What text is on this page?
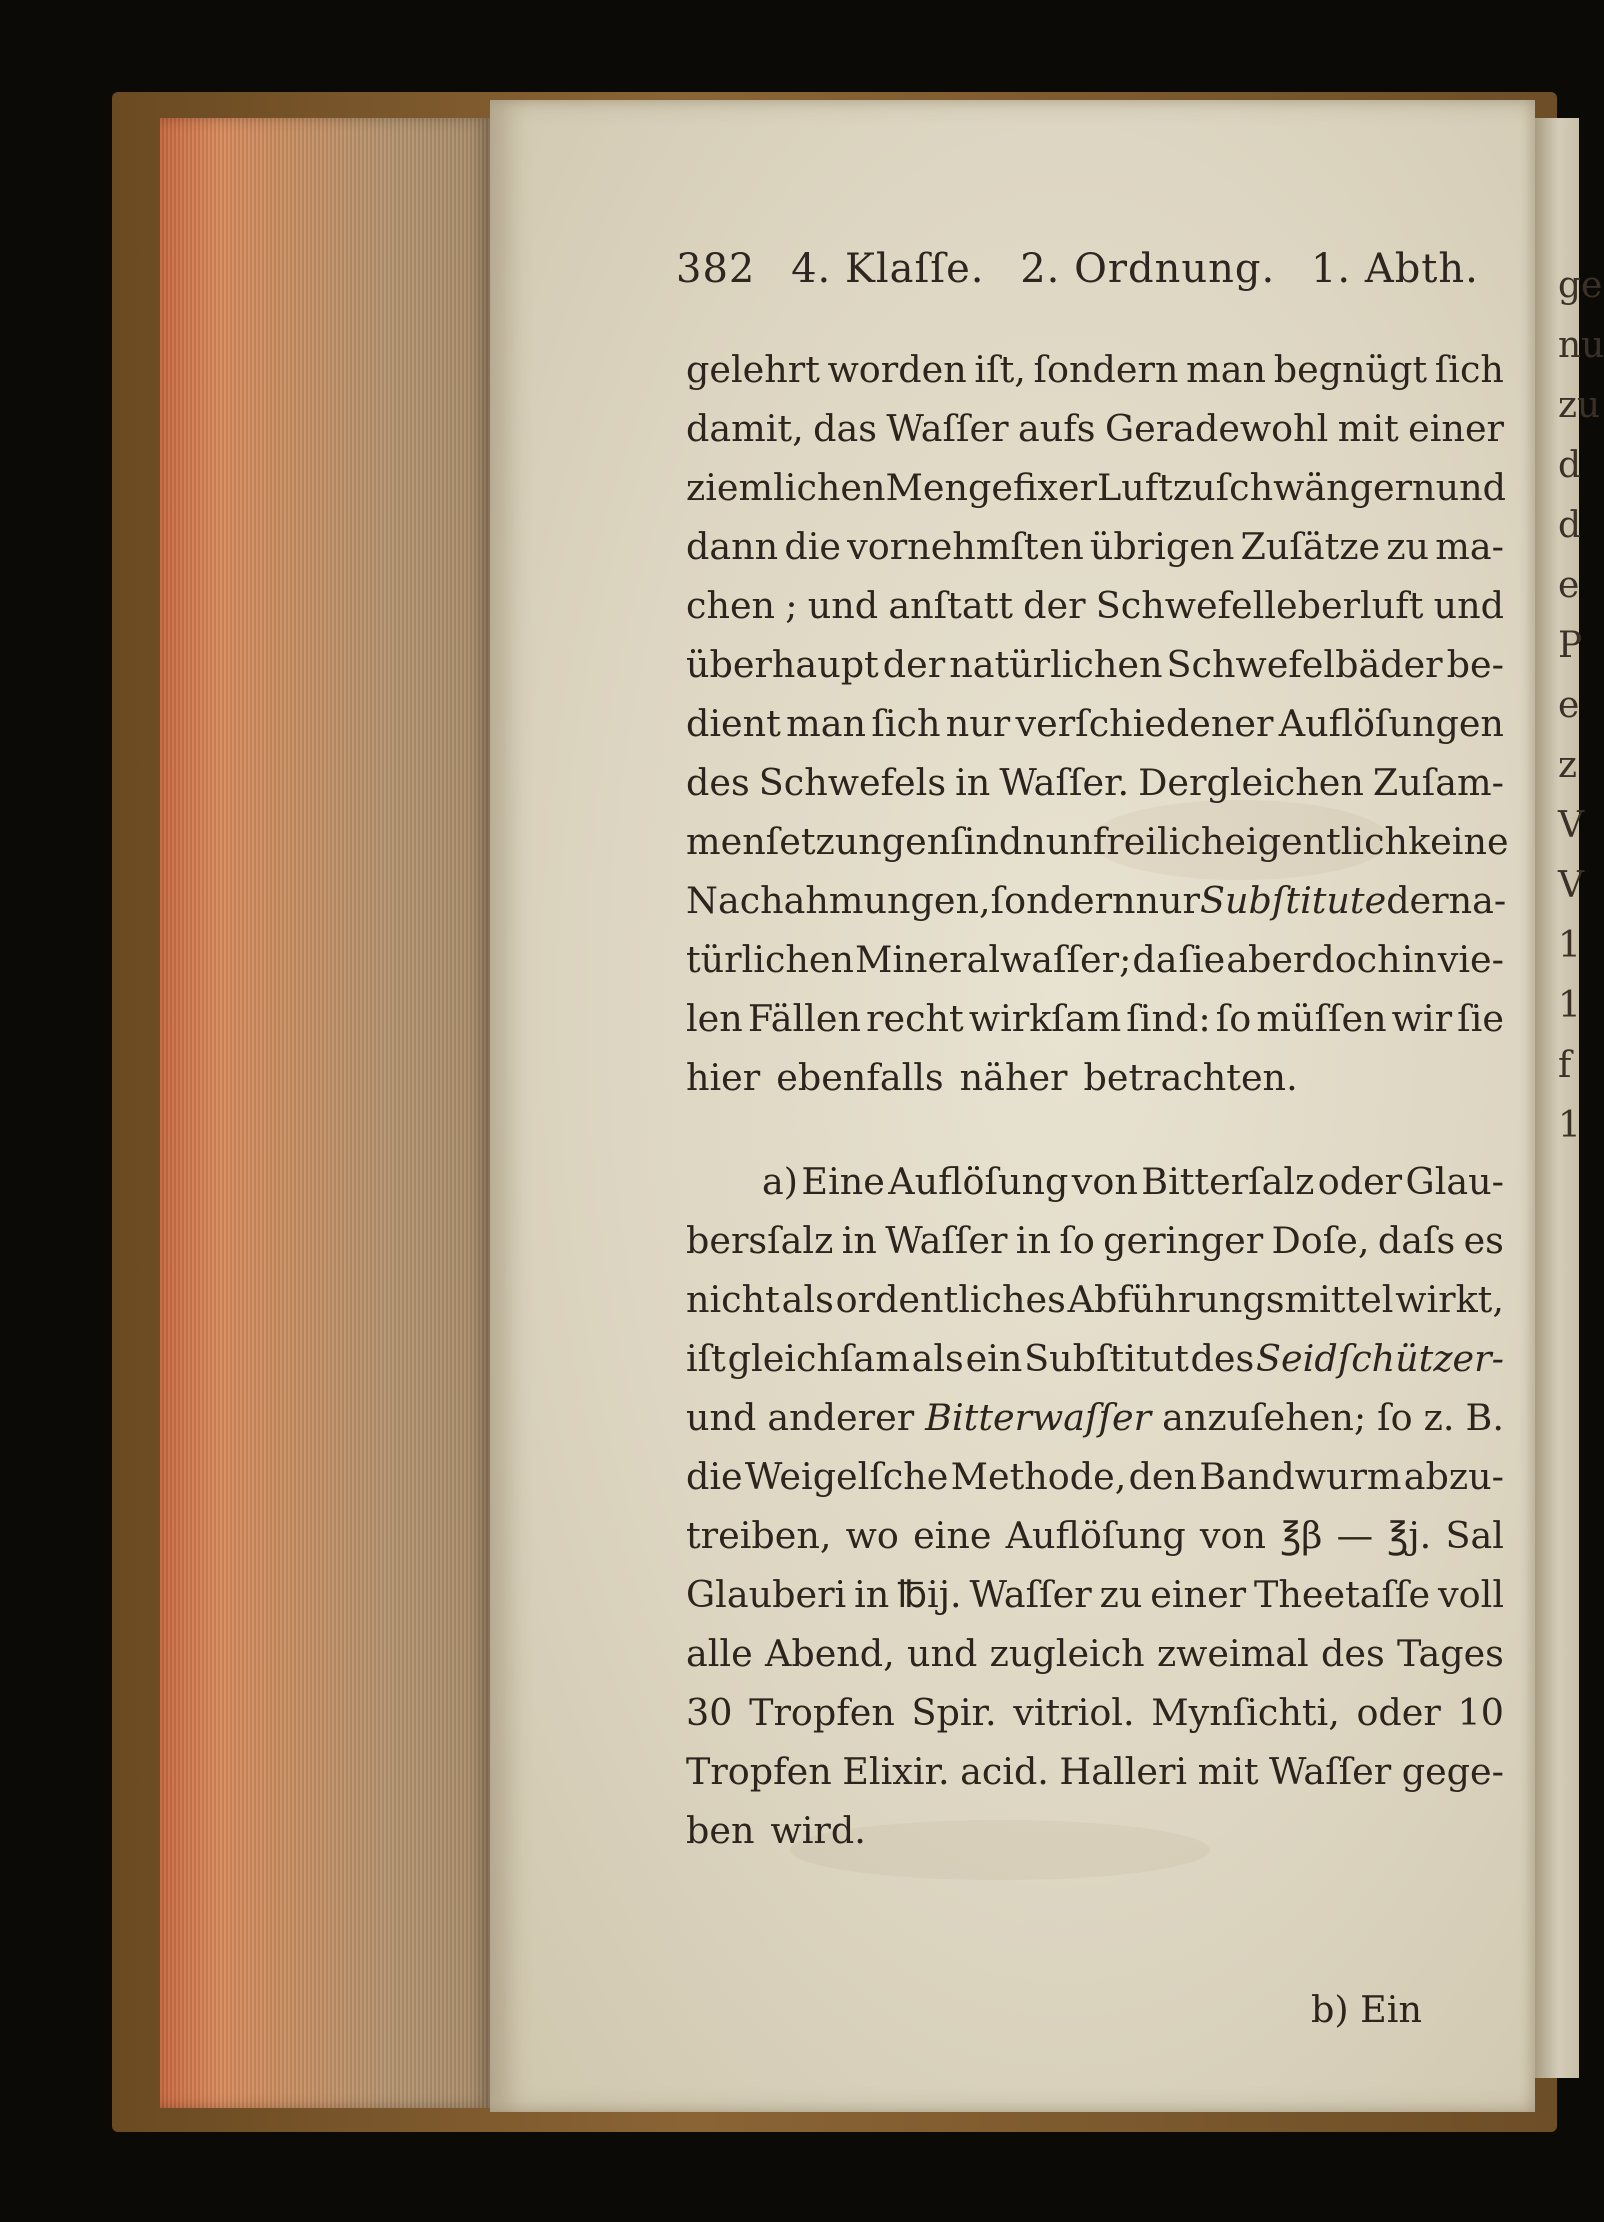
ge
nu
zu
d
d
e
P
e
z
V
V
1
1
f
1
382 4. Klaſſe. 2. Ordnung. 1. Abth.
gelehrt worden iſt, ſondern man begnügt ſich
damit, das Waſſer aufs Geradewohl mit einer
ziemlichen Menge fixer Luft zu ſchwängern und
dann die vornehmſten übrigen Zuſätze zu ma-
chen ; und anſtatt der Schwefelleberluft und
überhaupt der natürlichen Schwefelbäder be-
dient man ſich nur verſchiedener Auflöſungen
des Schwefels in Waſſer. Dergleichen Zuſam-
menſetzungen ſind nun freilich eigentlich keine
Nachahmungen, ſondern nur Subſtitute der na-
türlichen Mineralwaſſer; da ſie aber doch in vie-
len Fällen recht wirkſam ſind: ſo müſſen wir ſie
hier ebenfalls näher betrachten.
a) Eine Auflöſung von Bitterſalz oder Glau-
bersſalz in Waſſer in ſo geringer Doſe, daſs es
nicht als ordentliches Abführungsmittel wirkt,
iſt gleichſam als ein Subſtitut des Seidſchützer-
und anderer Bitterwaſſer anzuſehen; ſo z. B.
die Weigelſche Methode, den Bandwurm abzu-
treiben, wo eine Auflöſung von ℥β — ℥j. Sal
Glauberi in ℔ij. Waſſer zu einer Theetaſſe voll
alle Abend, und zugleich zweimal des Tages
30 Tropfen Spir. vitriol. Mynſichti, oder 10
Tropfen Elixir. acid. Halleri mit Waſſer gege-
ben wird.
b) Ein
